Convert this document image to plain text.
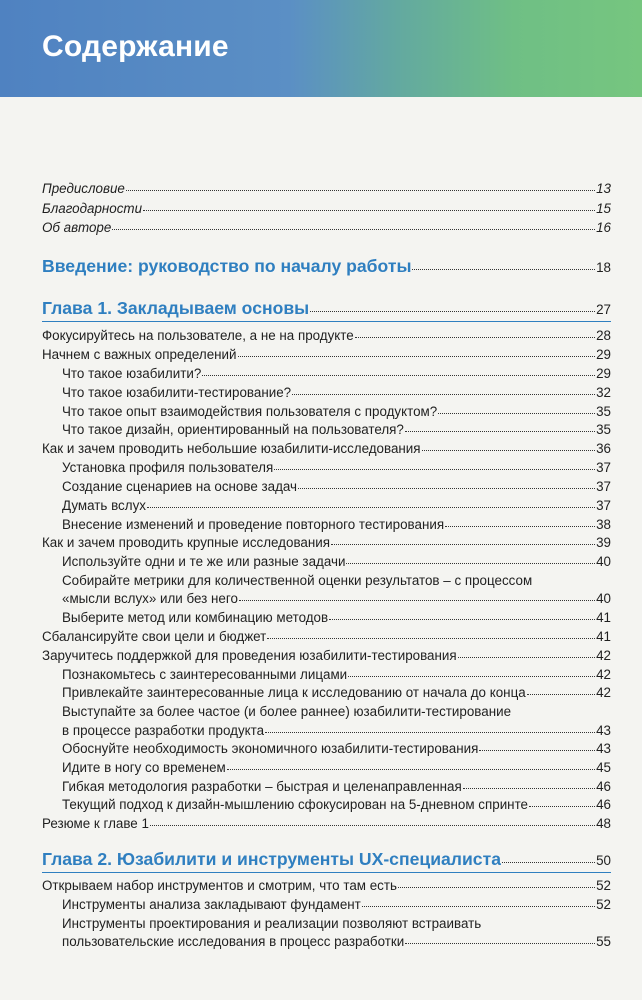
Содержание
Предисловие	13
Благодарности	15
Об авторе	16
Введение: руководство по началу работы	18
Глава 1. Закладываем основы	27
Фокусируйтесь на пользователе, а не на продукте	28
Начнем с важных определений	29
Что такое юзабилити?	29
Что такое юзабилити-тестирование?	32
Что такое опыт взаимодействия пользователя с продуктом?	35
Что такое дизайн, ориентированный на пользователя?	35
Как и зачем проводить небольшие юзабилити-исследования	36
Установка профиля пользователя	37
Создание сценариев на основе задач	37
Думать вслух	37
Внесение изменений и проведение повторного тестирования	38
Как и зачем проводить крупные исследования	39
Используйте одни и те же или разные задачи	40
Собирайте метрики для количественной оценки результатов – с процессом
«мысли вслух» или без него	40
Выберите метод или комбинацию методов	41
Сбалансируйте свои цели и бюджет	41
Заручитесь поддержкой для проведения юзабилити-тестирования	42
Познакомьтесь с заинтересованными лицами	42
Привлекайте заинтересованные лица к исследованию от начала до конца	42
Выступайте за более частое (и более раннее) юзабилити-тестирование
в процессе разработки продукта	43
Обоснуйте необходимость экономичного юзабилити-тестирования	43
Идите в ногу со временем	45
Гибкая методология разработки – быстрая и целенаправленная	46
Текущий подход к дизайн-мышлению сфокусирован на 5-дневном спринте	46
Резюме к главе 1	48
Глава 2. Юзабилити и инструменты UX-специалиста	50
Открываем набор инструментов и смотрим, что там есть	52
Инструменты анализа закладывают фундамент	52
Инструменты проектирования и реализации позволяют встраивать
пользовательские исследования в процесс разработки	55
